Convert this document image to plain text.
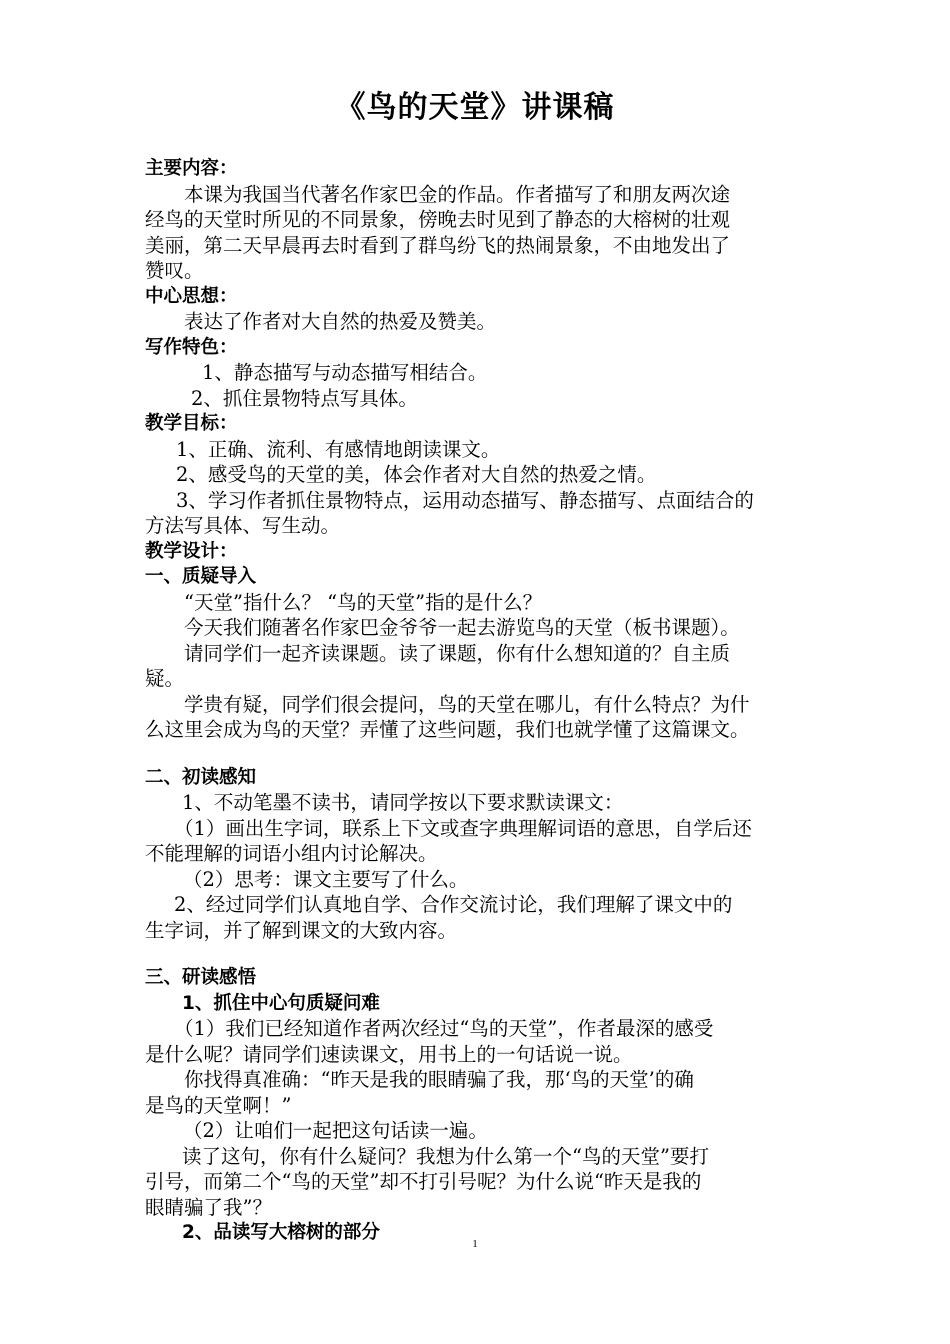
《鸟的天堂》讲课稿
主要内容：
本课为我国当代著名作家巴金的作品。作者描写了和朋友两次途
经鸟的天堂时所见的不同景象，傍晚去时见到了静态的大榕树的壮观
美丽，第二天早晨再去时看到了群鸟纷飞的热闹景象，不由地发出了
赞叹。
中心思想：
表达了作者对大自然的热爱及赞美。
写作特色：
1、静态描写与动态描写相结合。
2、抓住景物特点写具体。
教学目标：
1、正确、流利、有感情地朗读课文。
2、感受鸟的天堂的美，体会作者对大自然的热爱之情。
3、学习作者抓住景物特点，运用动态描写、静态描写、点面结合的
方法写具体、写生动。
教学设计：
一、质疑导入
“天堂”指什么？ “鸟的天堂”指的是什么？
今天我们随著名作家巴金爷爷一起去游览鸟的天堂（板书课题）。
请同学们一起齐读课题。读了课题，你有什么想知道的？自主质
疑。
学贵有疑，同学们很会提问，鸟的天堂在哪儿，有什么特点？为什
么这里会成为鸟的天堂？弄懂了这些问题，我们也就学懂了这篇课文。
二、初读感知
1、不动笔墨不读书，请同学按以下要求默读课文：
（1）画出生字词，联系上下文或查字典理解词语的意思，自学后还
不能理解的词语小组内讨论解决。
（2）思考：课文主要写了什么。
2、经过同学们认真地自学、合作交流讨论，我们理解了课文中的
生字词，并了解到课文的大致内容。
三、研读感悟
1、抓住中心句质疑问难
（1）我们已经知道作者两次经过“鸟的天堂”，作者最深的感受
是什么呢？请同学们速读课文，用书上的一句话说一说。
你找得真准确：“昨天是我的眼睛骗了我，那‘鸟的天堂’的确
是鸟的天堂啊！”
（2）让咱们一起把这句话读一遍。
读了这句，你有什么疑问？我想为什么第一个“鸟的天堂”要打
引号，而第二个“鸟的天堂”却不打引号呢？为什么说“昨天是我的
眼睛骗了我”？
2、品读写大榕树的部分
1
